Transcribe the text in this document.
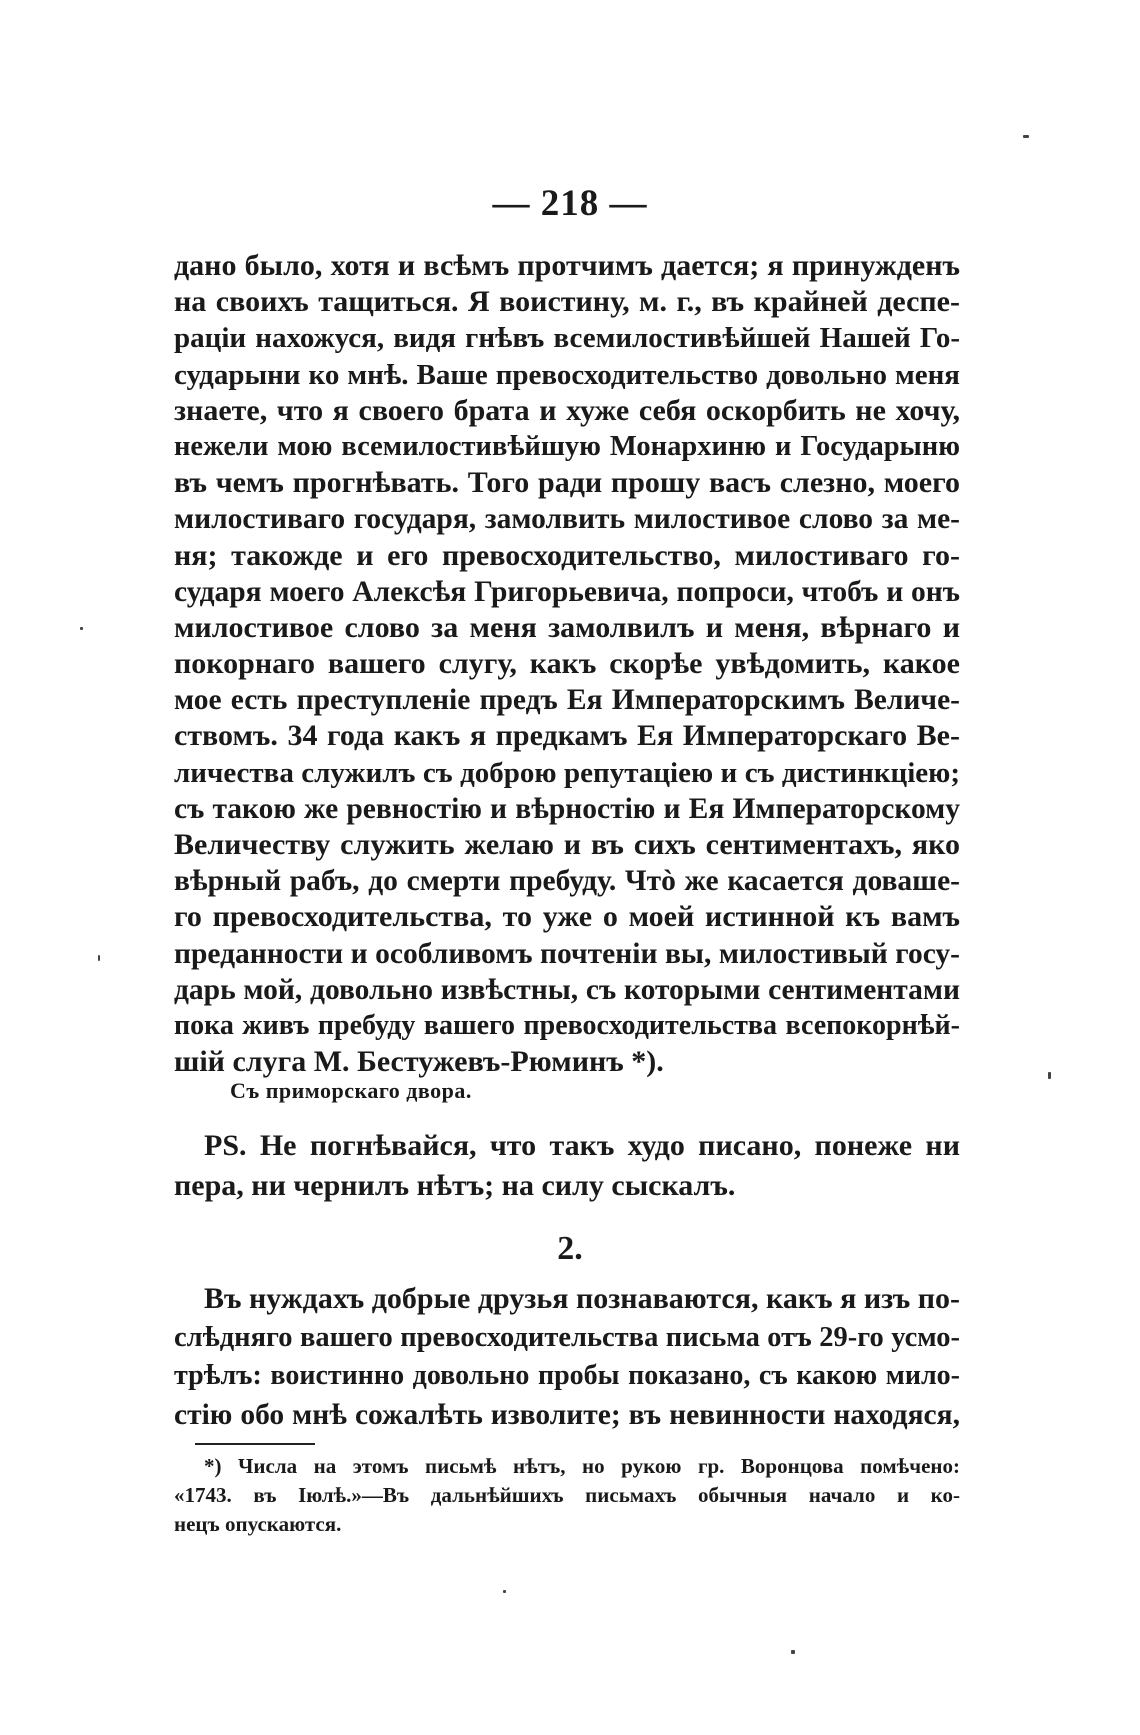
— 218 —
дано было, хотя и всѣмъ протчимъ дается; я принужденъ
на своихъ тащиться. Я воистину, м. г., въ крайней деспе-
раціи нахожуся, видя гнѣвъ всемилостивѣйшей Нашей Го-
сударыни ко мнѣ. Ваше превосходительство довольно меня
знаете, что я своего брата и хуже себя оскорбить не хочу,
нежели мою всемилостивѣйшую Монархиню и Государыню
въ чемъ прогнѣвать. Того ради прошу васъ слезно, моего
милостиваго государя, замолвить милостивое слово за ме-
ня; такожде и его превосходительство, милостиваго го-
сударя моего Алексѣя Григорьевича, попроси, чтобъ и онъ
милостивое слово за меня замолвилъ и меня, вѣрнаго и
покорнаго вашего слугу, какъ скорѣе увѣдомить, какое
мое есть преступленіе предъ Ея Императорскимъ Величе-
ствомъ. 34 года какъ я предкамъ Ея Императорскаго Ве-
личества служилъ съ доброю репутаціею и съ дистинкціею;
съ такою же ревностію и вѣрностію и Ея Императорскому
Величеству служить желаю и въ сихъ сентиментахъ, яко
вѣрный рабъ, до смерти пребуду. Чтò же касается доваше-
го превосходительства, то уже о моей истинной къ вамъ
преданности и особливомъ почтеніи вы, милостивый госу-
дарь мой, довольно извѣстны, съ которыми сентиментами
пока живъ пребуду вашего превосходительства всепокорнѣй-
шій слуга М. Бестужевъ-Рюминъ *).
Съ приморскаго двора.
PS. Не погнѣвайся, что такъ худо писано, понеже ни
пера, ни чернилъ нѣтъ; на силу сыскалъ.
2.
Въ нуждахъ добрые друзья познаваются, какъ я изъ по-
слѣдняго вашего превосходительства письма отъ 29-го усмо-
трѣлъ: воистинно довольно пробы показано, съ какою мило-
стію обо мнѣ сожалѣть изволите; въ невинности находяся,
*) Числа на этомъ письмѣ нѣтъ, но рукою гр. Воронцова помѣчено:
«1743. въ Іюлѣ.»—Въ дальнѣйшихъ письмахъ обычныя начало и ко-
нецъ опускаются.
